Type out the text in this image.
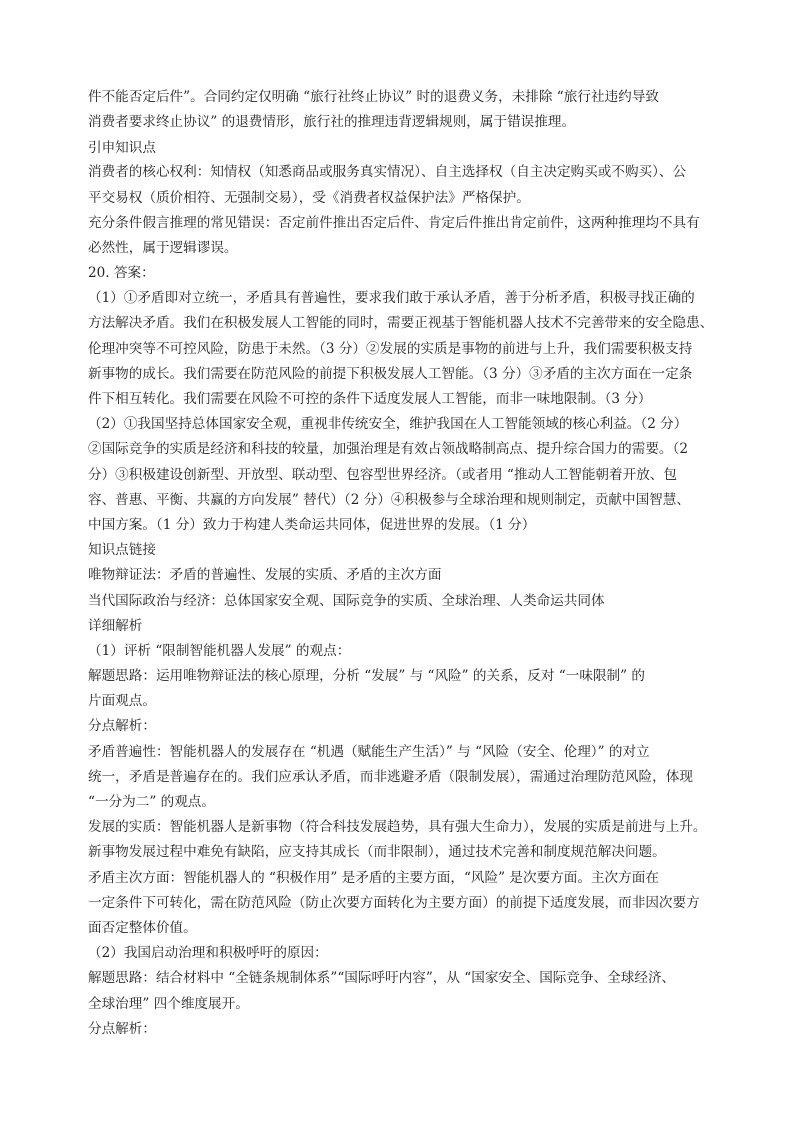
件不能否定后件”。合同约定仅明确 “旅行社终止协议” 时的退费义务，未排除 “旅行社违约导致
消费者要求终止协议” 的退费情形，旅行社的推理违背逻辑规则，属于错误推理。
引申知识点
消费者的核心权利：知情权（知悉商品或服务真实情况）、自主选择权（自主决定购买或不购买）、公
平交易权（质价相符、无强制交易），受《消费者权益保护法》严格保护。
充分条件假言推理的常见错误：否定前件推出否定后件、肯定后件推出肯定前件，这两种推理均不具有
必然性，属于逻辑谬误。
20. 答案：
（1）①矛盾即对立统一，矛盾具有普遍性，要求我们敢于承认矛盾，善于分析矛盾，积极寻找正确的
方法解决矛盾。我们在积极发展人工智能的同时，需要正视基于智能机器人技术不完善带来的安全隐患、
伦理冲突等不可控风险，防患于未然。（3 分）②发展的实质是事物的前进与上升，我们需要积极支持
新事物的成长。我们需要在防范风险的前提下积极发展人工智能。（3 分）③矛盾的主次方面在一定条
件下相互转化。我们需要在风险不可控的条件下适度发展人工智能，而非一味地限制。（3 分）
（2）①我国坚持总体国家安全观，重视非传统安全，维护我国在人工智能领域的核心利益。（2 分）
②国际竞争的实质是经济和科技的较量，加强治理是有效占领战略制高点、提升综合国力的需要。（2
分）③积极建设创新型、开放型、联动型、包容型世界经济。（或者用 “推动人工智能朝着开放、包
容、普惠、平衡、共赢的方向发展” 替代）（2 分）④积极参与全球治理和规则制定，贡献中国智慧、
中国方案。（1 分）致力于构建人类命运共同体，促进世界的发展。（1 分）
知识点链接
唯物辩证法：矛盾的普遍性、发展的实质、矛盾的主次方面
当代国际政治与经济：总体国家安全观、国际竞争的实质、全球治理、人类命运共同体
详细解析
（1）评析 “限制智能机器人发展” 的观点：
解题思路：运用唯物辩证法的核心原理，分析 “发展” 与 “风险” 的关系，反对 “一味限制” 的
片面观点。
分点解析：
矛盾普遍性：智能机器人的发展存在 “机遇（赋能生产生活）” 与 “风险（安全、伦理）” 的对立
统一，矛盾是普遍存在的。我们应承认矛盾，而非逃避矛盾（限制发展），需通过治理防范风险，体现
“一分为二” 的观点。
发展的实质：智能机器人是新事物（符合科技发展趋势，具有强大生命力），发展的实质是前进与上升。
新事物发展过程中难免有缺陷，应支持其成长（而非限制），通过技术完善和制度规范解决问题。
矛盾主次方面：智能机器人的 “积极作用” 是矛盾的主要方面，“风险” 是次要方面。主次方面在
一定条件下可转化，需在防范风险（防止次要方面转化为主要方面）的前提下适度发展，而非因次要方
面否定整体价值。
（2）我国启动治理和积极呼吁的原因：
解题思路：结合材料中 “全链条规制体系”“国际呼吁内容”，从 “国家安全、国际竞争、全球经济、
全球治理” 四个维度展开。
分点解析：
